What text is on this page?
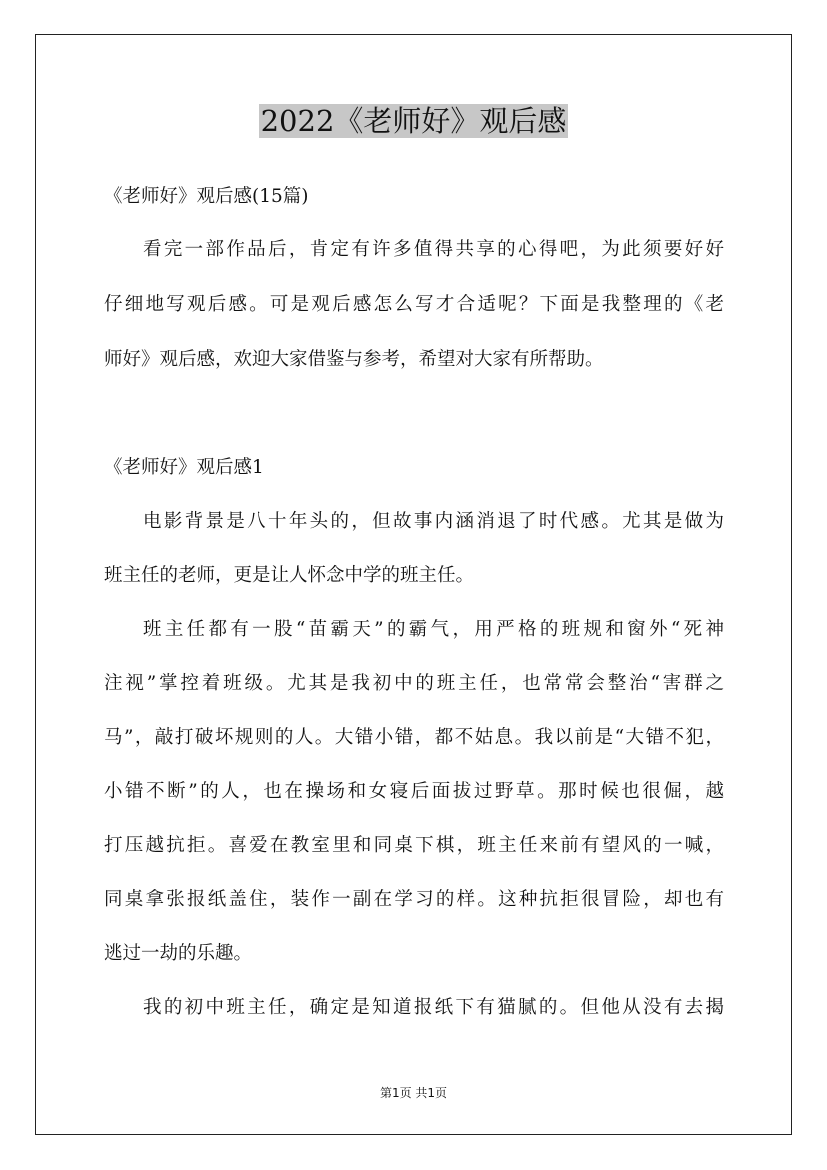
2022《老师好》观后感
《老师好》观后感(15篇)
看完一部作品后，肯定有许多值得共享的心得吧，为此须要好好
仔细地写观后感。可是观后感怎么写才合适呢？下面是我整理的《老
师好》观后感，欢迎大家借鉴与参考，希望对大家有所帮助。
《老师好》观后感1
电影背景是八十年头的，但故事内涵消退了时代感。尤其是做为
班主任的老师，更是让人怀念中学的班主任。
班主任都有一股“苗霸天”的霸气，用严格的班规和窗外“死神
注视”掌控着班级。尤其是我初中的班主任，也常常会整治“害群之
马”，敲打破坏规则的人。大错小错，都不姑息。我以前是“大错不犯，
小错不断”的人，也在操场和女寝后面拔过野草。那时候也很倔，越
打压越抗拒。喜爱在教室里和同桌下棋，班主任来前有望风的一喊，
同桌拿张报纸盖住，装作一副在学习的样。这种抗拒很冒险，却也有
逃过一劫的乐趣。
我的初中班主任，确定是知道报纸下有猫腻的。但他从没有去揭
第1页 共1页
